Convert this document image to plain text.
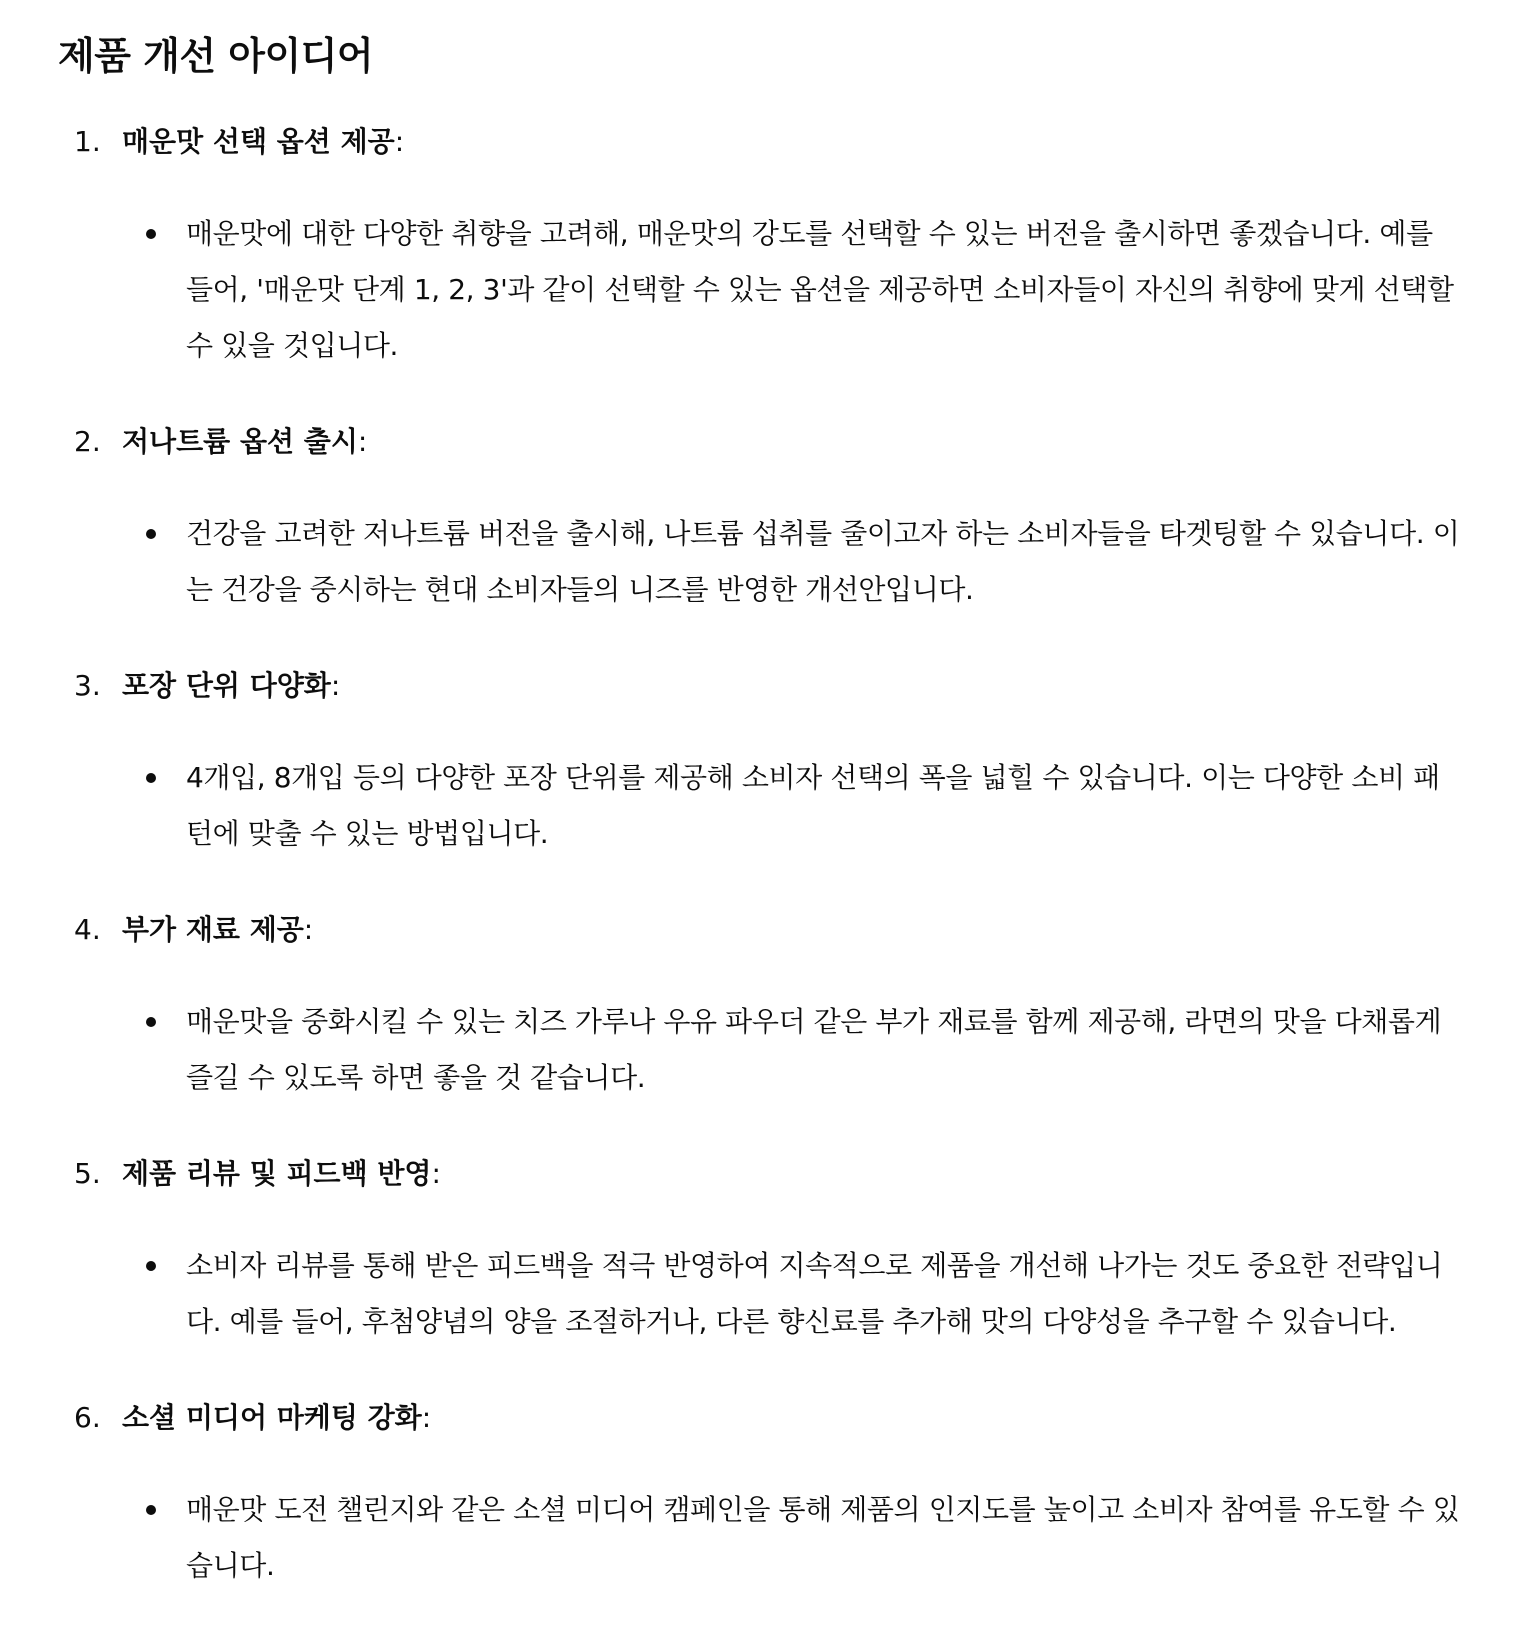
제품 개선 아이디어
1. 매운맛 선택 옵션 제공:
매운맛에 대한 다양한 취향을 고려해, 매운맛의 강도를 선택할 수 있는 버전을 출시하면 좋겠습니다. 예를 들어, '매운맛 단계 1, 2, 3'과 같이 선택할 수 있는 옵션을 제공하면 소비자들이 자신의 취향에 맞게 선택할 수 있을 것입니다.
2. 저나트륨 옵션 출시:
건강을 고려한 저나트륨 버전을 출시해, 나트륨 섭취를 줄이고자 하는 소비자들을 타겟팅할 수 있습니다. 이는 건강을 중시하는 현대 소비자들의 니즈를 반영한 개선안입니다.
3. 포장 단위 다양화:
4개입, 8개입 등의 다양한 포장 단위를 제공해 소비자 선택의 폭을 넓힐 수 있습니다. 이는 다양한 소비 패턴에 맞출 수 있는 방법입니다.
4. 부가 재료 제공:
매운맛을 중화시킬 수 있는 치즈 가루나 우유 파우더 같은 부가 재료를 함께 제공해, 라면의 맛을 다채롭게 즐길 수 있도록 하면 좋을 것 같습니다.
5. 제품 리뷰 및 피드백 반영:
소비자 리뷰를 통해 받은 피드백을 적극 반영하여 지속적으로 제품을 개선해 나가는 것도 중요한 전략입니다. 예를 들어, 후첨양념의 양을 조절하거나, 다른 향신료를 추가해 맛의 다양성을 추구할 수 있습니다.
6. 소셜 미디어 마케팅 강화:
매운맛 도전 챌린지와 같은 소셜 미디어 캠페인을 통해 제품의 인지도를 높이고 소비자 참여를 유도할 수 있습니다.
